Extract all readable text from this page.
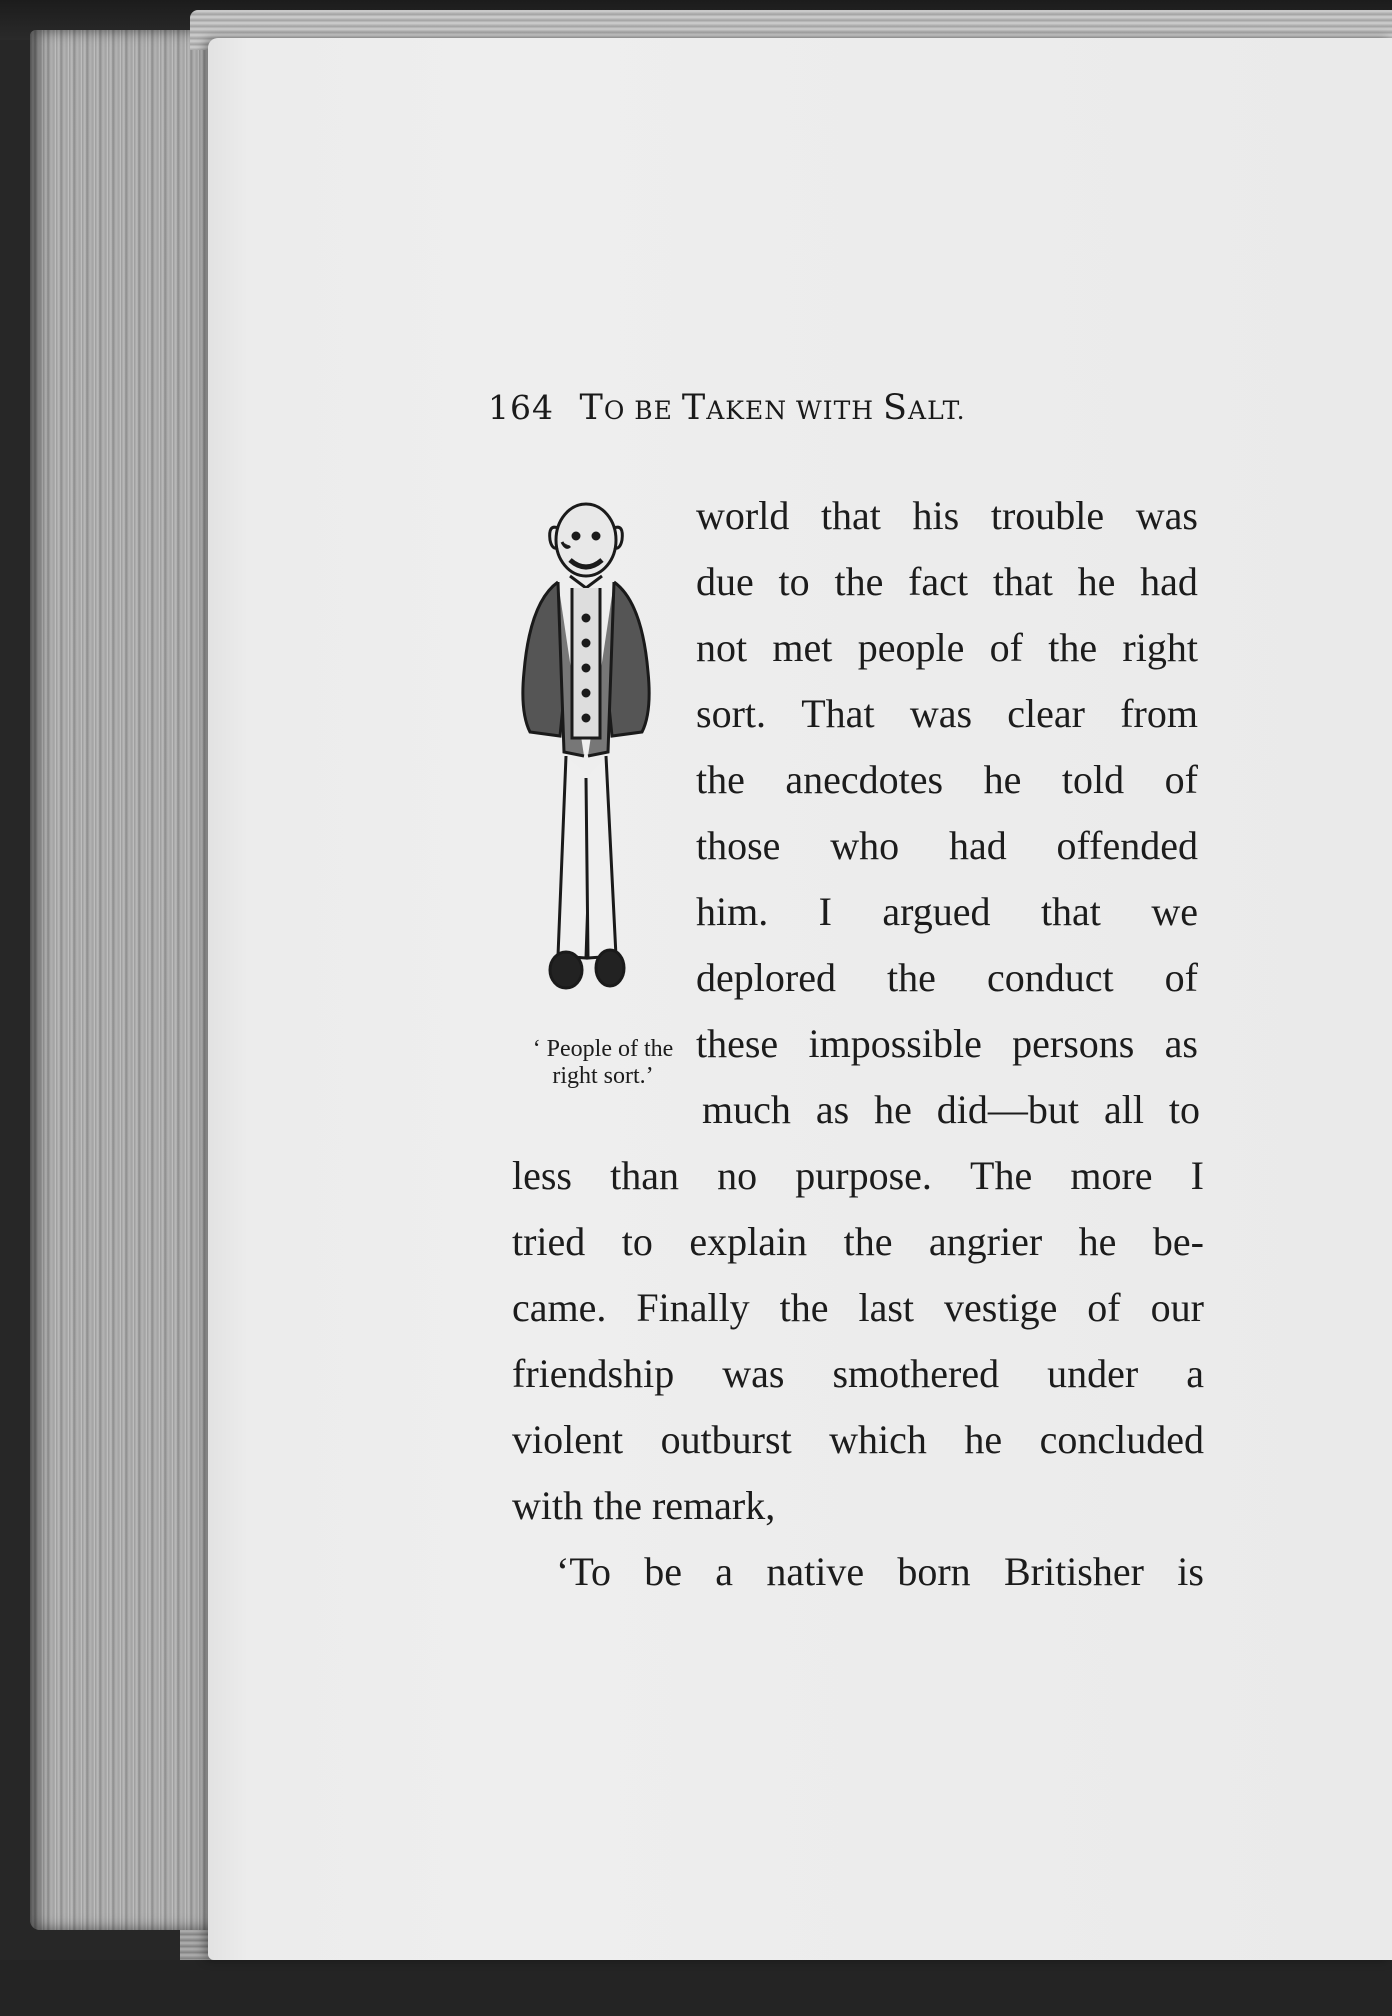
164 TO BE TAKEN WITH SALT.
‘ People of the
right sort.’
world that his trouble was
due to the fact that he had
not met people of the right
sort. That was clear from
the anecdotes he told of
those who had offended
him. I argued that we
deplored the conduct of
these impossible persons as
much as he did—but all to
less than no purpose. The more I
tried to explain the angrier he be-
came. Finally the last vestige of our
friendship was smothered under a
violent outburst which he concluded
with the remark,
‘To be a native born Britisher is
